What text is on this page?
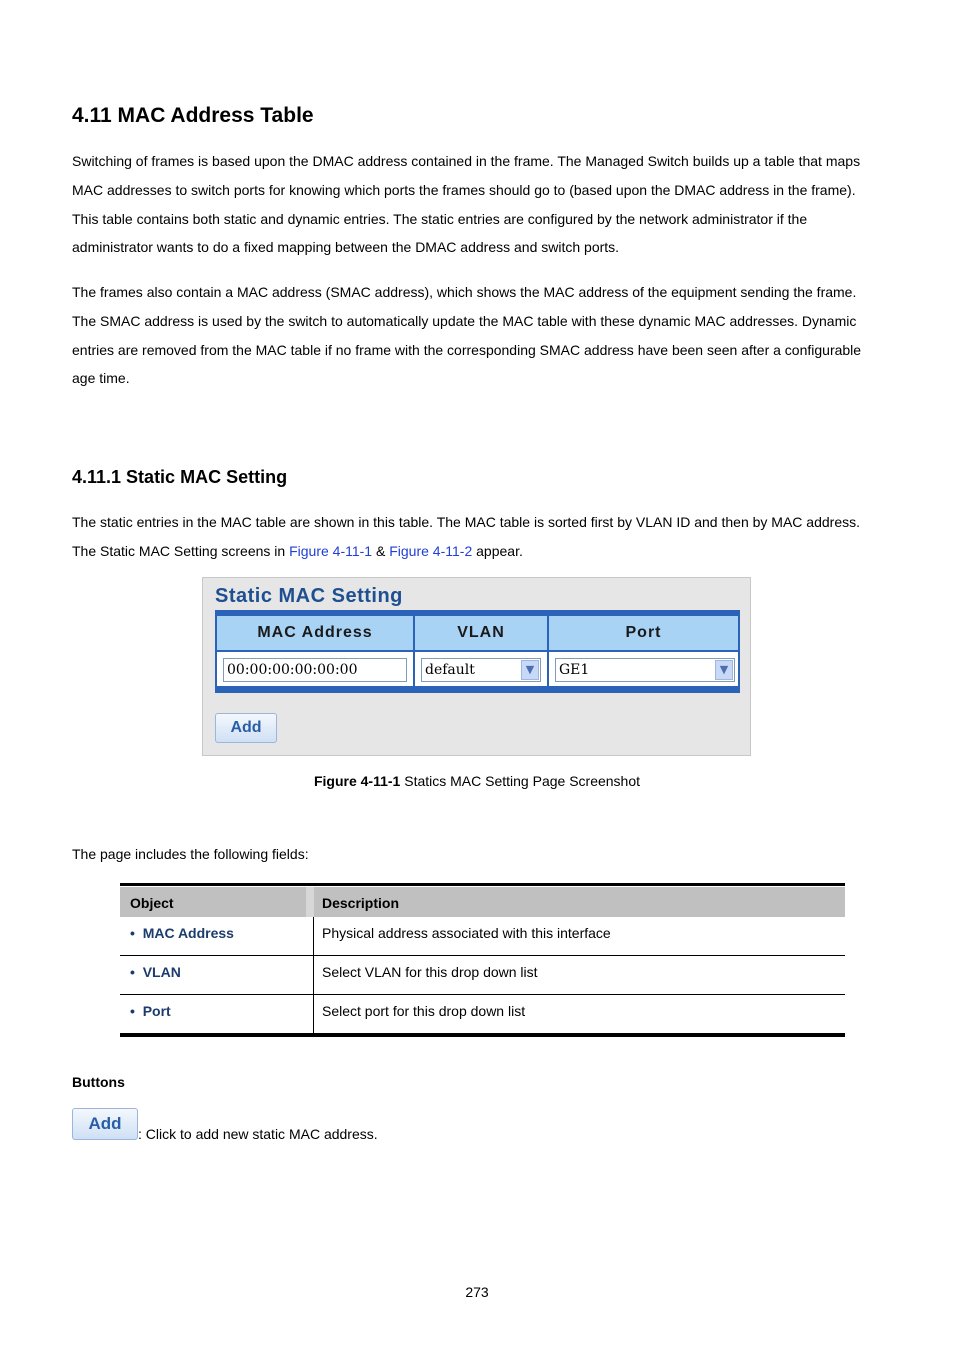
4.11 MAC Address Table
Switching of frames is based upon the DMAC address contained in the frame. The Managed Switch builds up a table that maps
MAC addresses to switch ports for knowing which ports the frames should go to (based upon the DMAC address in the frame).
This table contains both static and dynamic entries. The static entries are configured by the network administrator if the
administrator wants to do a fixed mapping between the DMAC address and switch ports.
The frames also contain a MAC address (SMAC address), which shows the MAC address of the equipment sending the frame.
The SMAC address is used by the switch to automatically update the MAC table with these dynamic MAC addresses. Dynamic
entries are removed from the MAC table if no frame with the corresponding SMAC address have been seen after a configurable
age time.
4.11.1 Static MAC Setting
The static entries in the MAC table are shown in this table. The MAC table is sorted first by VLAN ID and then by MAC address.
The Static MAC Setting screens in Figure 4-11-1 & Figure 4-11-2 appear.
Static MAC Setting
MAC Address	VLAN	Port
00:00:00:00:00:00	default	▼	GE1	▼
Add
Figure 4-11-1 Statics MAC Setting Page Screenshot
The page includes the following fields:
Object	Description
•  MAC Address	Physical address associated with this interface
•  VLAN	Select VLAN for this drop down list
•  Port	Select port for this drop down list
Buttons
Add
: Click to add new static MAC address.
273
